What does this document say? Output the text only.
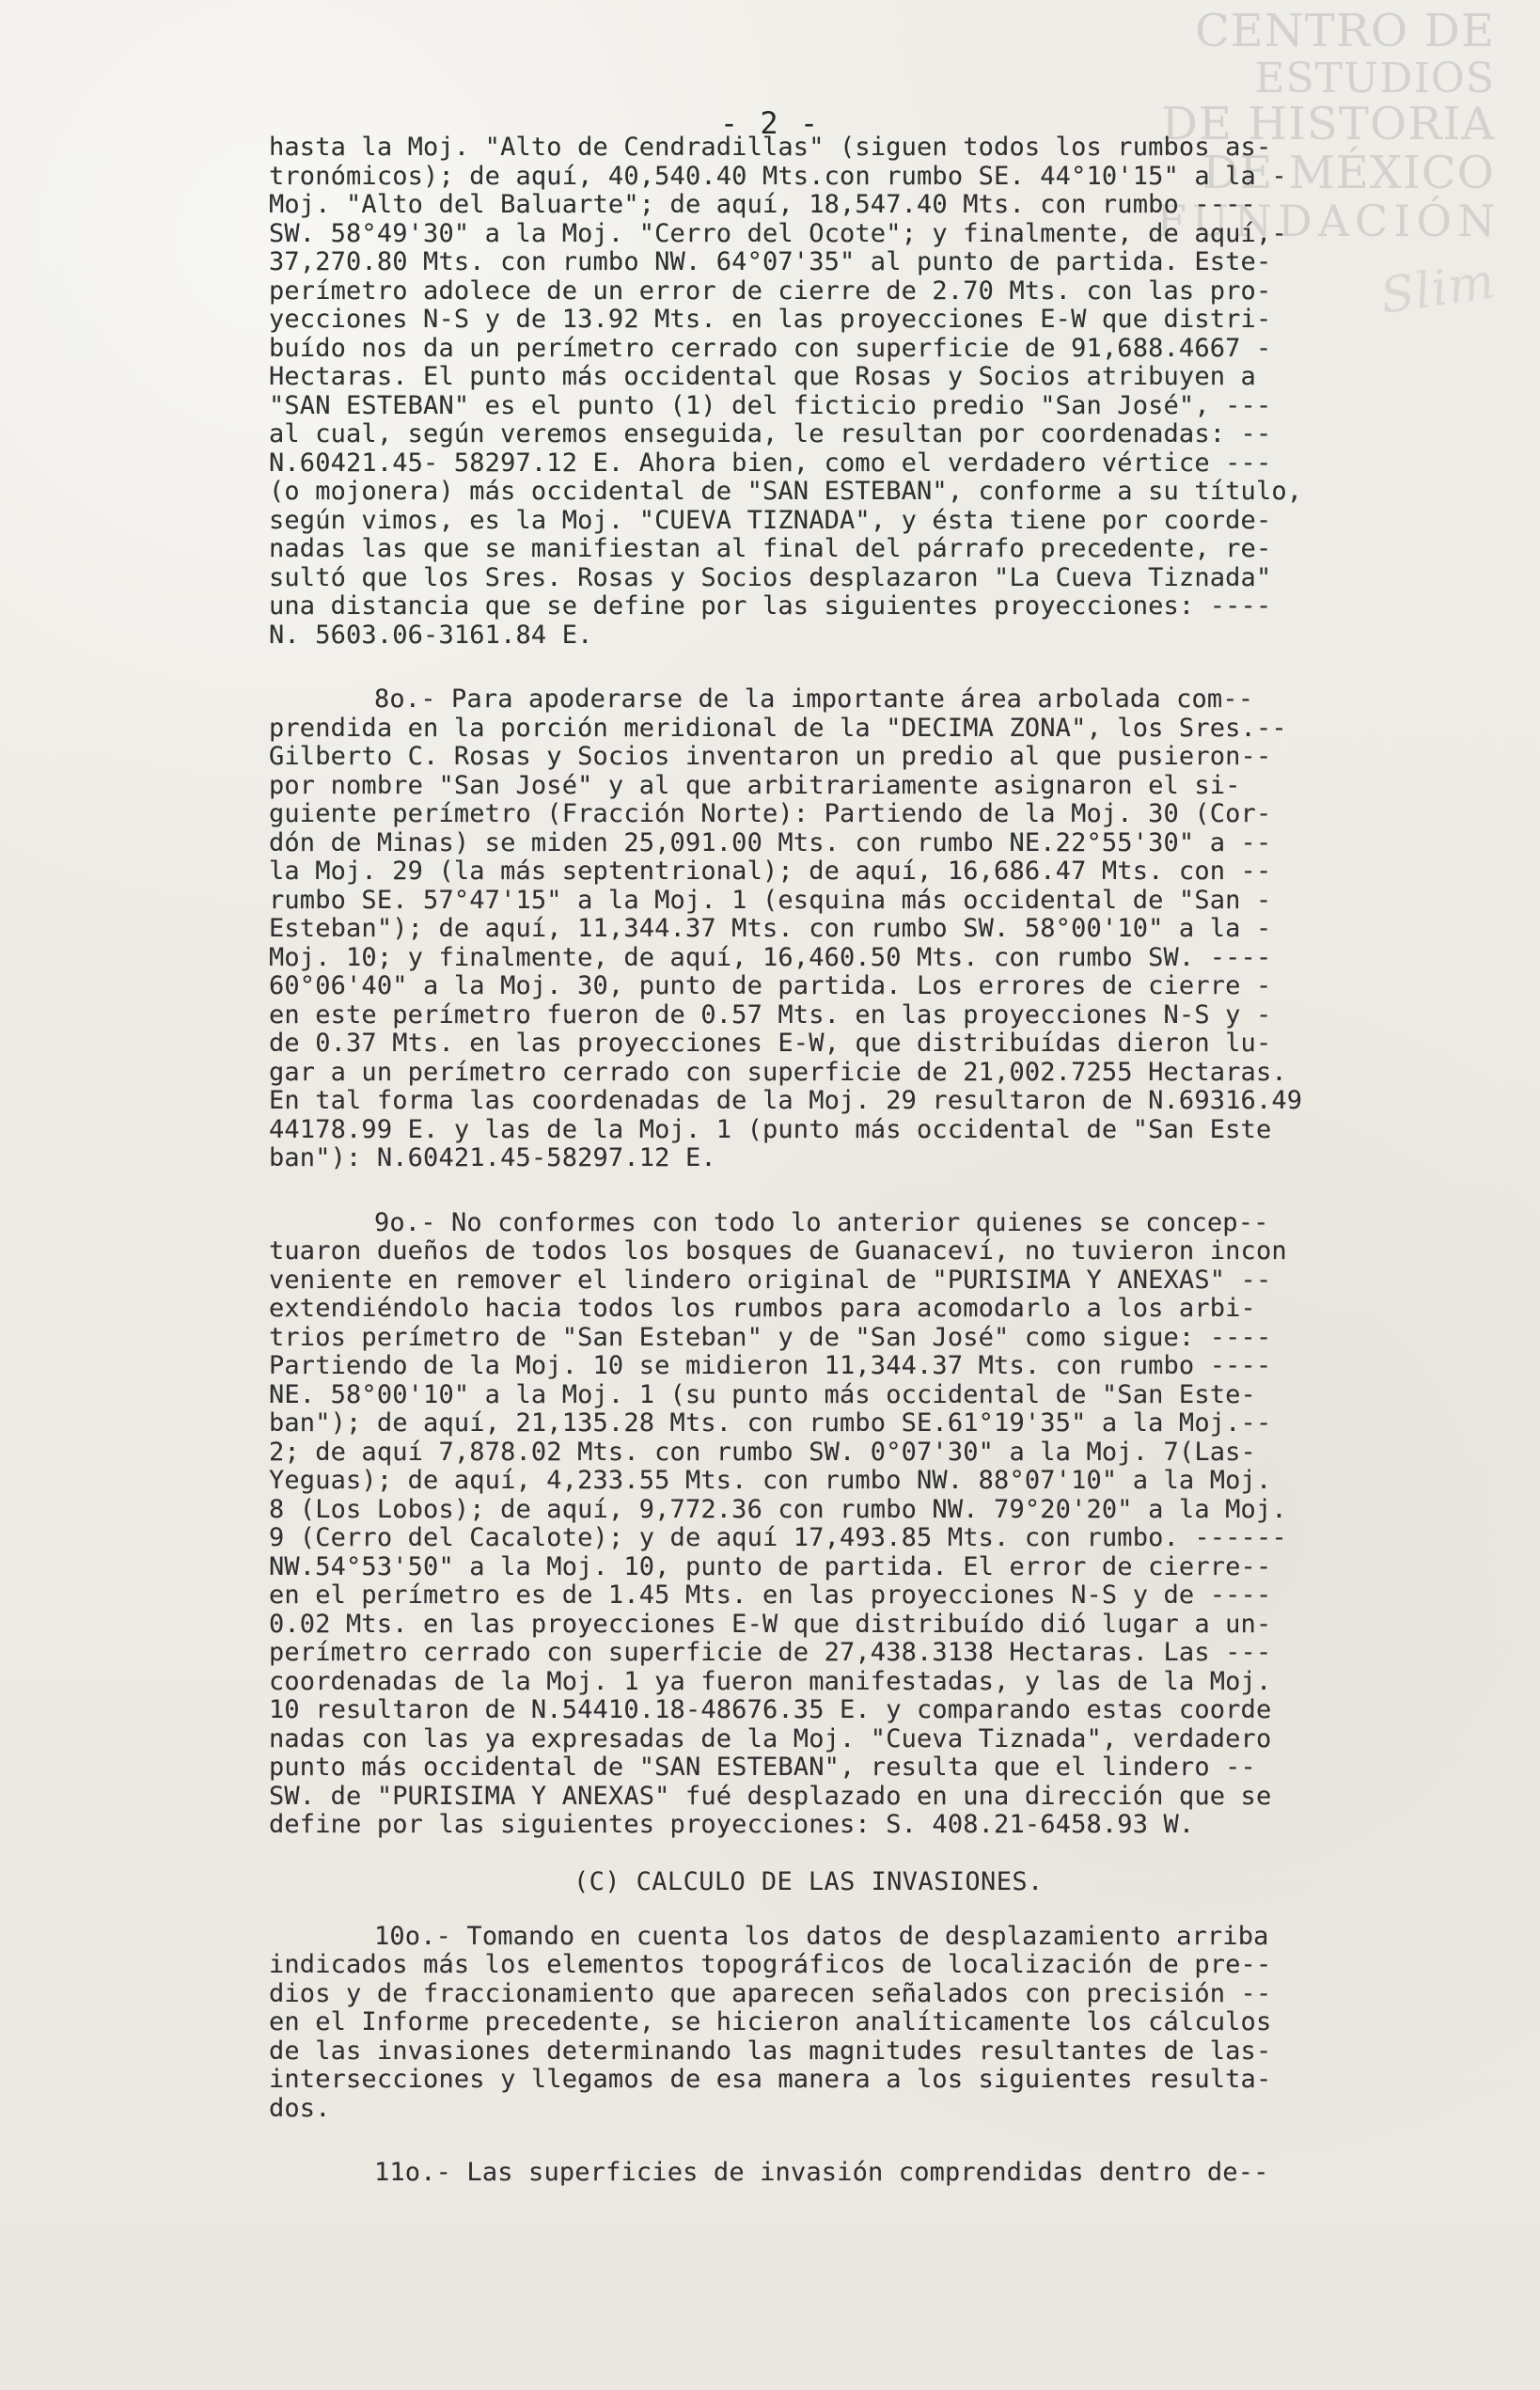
CENTRO DE
ESTUDIOS
DE HISTORIA
DE MÉXICO
FUNDACIÓN
Slim
- 2 -
hasta la Moj. "Alto de Cendradillas" (siguen todos los rumbos as-
tronómicos); de aquí, 40,540.40 Mts.con rumbo SE. 44°10'15" a la -
Moj. "Alto del Baluarte"; de aquí, 18,547.40 Mts. con rumbo ----
SW. 58°49'30" a la Moj. "Cerro del Ocote"; y finalmente, de aquí,-
37,270.80 Mts. con rumbo NW. 64°07'35" al punto de partida. Este-
perímetro adolece de un error de cierre de 2.70 Mts. con las pro-
yecciones N-S y de 13.92 Mts. en las proyecciones E-W que distri-
buído nos da un perímetro cerrado con superficie de 91,688.4667 -
Hectaras. El punto más occidental que Rosas y Socios atribuyen a
"SAN ESTEBAN" es el punto (1) del ficticio predio "San José", ---
al cual, según veremos enseguida, le resultan por coordenadas: --
N.60421.45- 58297.12 E. Ahora bien, como el verdadero vértice ---
(o mojonera) más occidental de "SAN ESTEBAN", conforme a su título,
según vimos, es la Moj. "CUEVA TIZNADA", y ésta tiene por coorde-
nadas las que se manifiestan al final del párrafo precedente, re-
sultó que los Sres. Rosas y Socios desplazaron "La Cueva Tiznada"
una distancia que se define por las siguientes proyecciones: ----
N. 5603.06-3161.84 E.
8o.- Para apoderarse de la importante área arbolada com--
prendida en la porción meridional de la "DECIMA ZONA", los Sres.--
Gilberto C. Rosas y Socios inventaron un predio al que pusieron--
por nombre "San José" y al que arbitrariamente asignaron el si-
guiente perímetro (Fracción Norte): Partiendo de la Moj. 30 (Cor-
dón de Minas) se miden 25,091.00 Mts. con rumbo NE.22°55'30" a --
la Moj. 29 (la más septentrional); de aquí, 16,686.47 Mts. con --
rumbo SE. 57°47'15" a la Moj. 1 (esquina más occidental de "San -
Esteban"); de aquí, 11,344.37 Mts. con rumbo SW. 58°00'10" a la -
Moj. 10; y finalmente, de aquí, 16,460.50 Mts. con rumbo SW. ----
60°06'40" a la Moj. 30, punto de partida. Los errores de cierre -
en este perímetro fueron de 0.57 Mts. en las proyecciones N-S y -
de 0.37 Mts. en las proyecciones E-W, que distribuídas dieron lu-
gar a un perímetro cerrado con superficie de 21,002.7255 Hectaras.
En tal forma las coordenadas de la Moj. 29 resultaron de N.69316.49
44178.99 E. y las de la Moj. 1 (punto más occidental de "San Este
ban"): N.60421.45-58297.12 E.
9o.- No conformes con todo lo anterior quienes se concep--
tuaron dueños de todos los bosques de Guanaceví, no tuvieron incon
veniente en remover el lindero original de "PURISIMA Y ANEXAS" --
extendiéndolo hacia todos los rumbos para acomodarlo a los arbi-
trios perímetro de "San Esteban" y de "San José" como sigue: ----
Partiendo de la Moj. 10 se midieron 11,344.37 Mts. con rumbo ----
NE. 58°00'10" a la Moj. 1 (su punto más occidental de "San Este-
ban"); de aquí, 21,135.28 Mts. con rumbo SE.61°19'35" a la Moj.--
2; de aquí 7,878.02 Mts. con rumbo SW. 0°07'30" a la Moj. 7(Las-
Yeguas); de aquí, 4,233.55 Mts. con rumbo NW. 88°07'10" a la Moj.
8 (Los Lobos); de aquí, 9,772.36 con rumbo NW. 79°20'20" a la Moj.
9 (Cerro del Cacalote); y de aquí 17,493.85 Mts. con rumbo. ------
NW.54°53'50" a la Moj. 10, punto de partida. El error de cierre--
en el perímetro es de 1.45 Mts. en las proyecciones N-S y de ----
0.02 Mts. en las proyecciones E-W que distribuído dió lugar a un-
perímetro cerrado con superficie de 27,438.3138 Hectaras. Las ---
coordenadas de la Moj. 1 ya fueron manifestadas, y las de la Moj.
10 resultaron de N.54410.18-48676.35 E. y comparando estas coorde
nadas con las ya expresadas de la Moj. "Cueva Tiznada", verdadero
punto más occidental de "SAN ESTEBAN", resulta que el lindero --
SW. de "PURISIMA Y ANEXAS" fué desplazado en una dirección que se
define por las siguientes proyecciones: S. 408.21-6458.93 W.
(C) CALCULO DE LAS INVASIONES.
10o.- Tomando en cuenta los datos de desplazamiento arriba
indicados más los elementos topográficos de localización de pre--
dios y de fraccionamiento que aparecen señalados con precisión --
en el Informe precedente, se hicieron analíticamente los cálculos
de las invasiones determinando las magnitudes resultantes de las-
intersecciones y llegamos de esa manera a los siguientes resulta-
dos.
11o.- Las superficies de invasión comprendidas dentro de--
